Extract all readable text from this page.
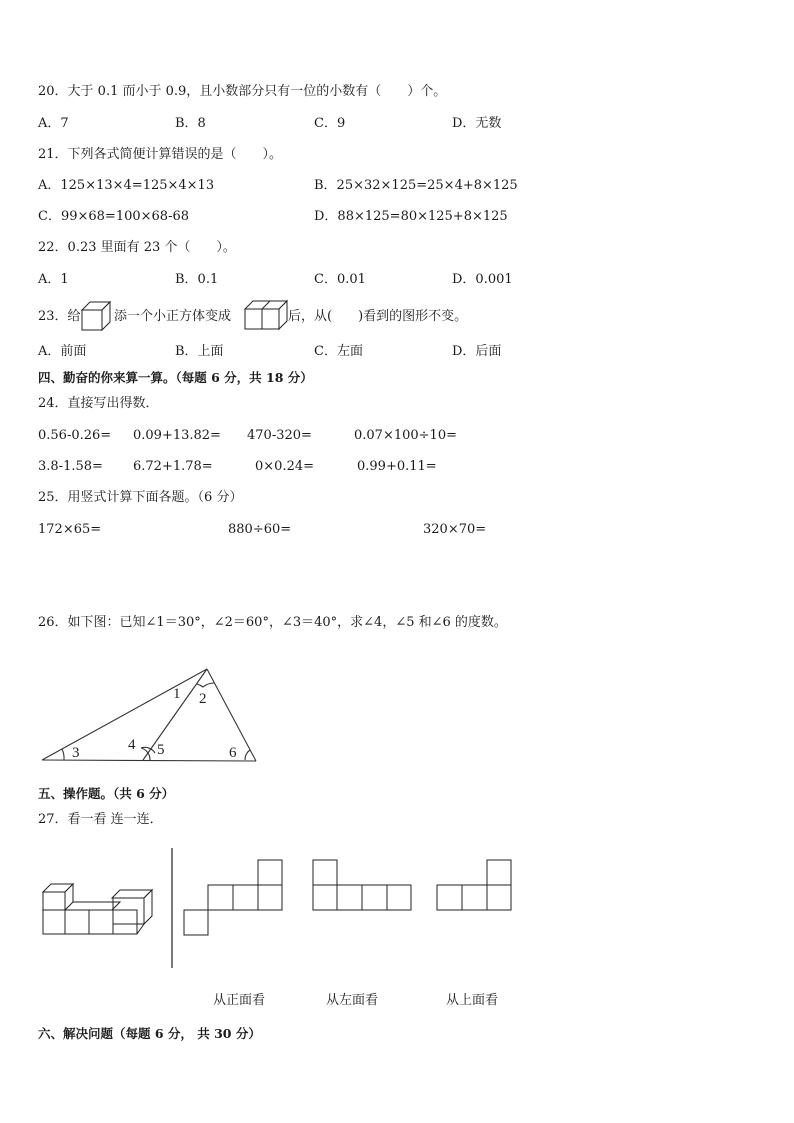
20．大于 0.1 而小于 0.9，且小数部分只有一位的小数有（　　）个。
A．7	B．8	C．9	D．无数
21．下列各式简便计算错误的是（　　）。
A．125×13×4=125×4×13	B．25×32×125=25×4+8×125
C．99×68=100×68-68	D．88×125=80×125+8×125
22．0.23 里面有 23 个（　　）。
A．1	B．0.1	C．0.01	D．0.001
23．给	添一个小正方体变成	后，从(　　)看到的图形不变。
A．前面	B．上面	C．左面	D．后面
四、勤奋的你来算一算。（每题 6 分，共 18 分）
24．直接写出得数．
0.56-0.26= 0.09+13.82= 470-320=	0.07×100÷10=
3.8-1.58= 6.72+1.78=	0×0.24=	0.99+0.11=
25．用竖式计算下面各题。（6 分）
172×65=	880÷60=	320×70=
26．如下图：已知∠1＝30°，∠2＝60°，∠3＝40°，求∠4，∠5 和∠6 的度数。
1 2
3	4 5	6
五、操作题。（共 6 分）
27．看一看 连一连．
从正面看	从左面看	从上面看
六、解决问题（每题 6 分， 共 30 分）
